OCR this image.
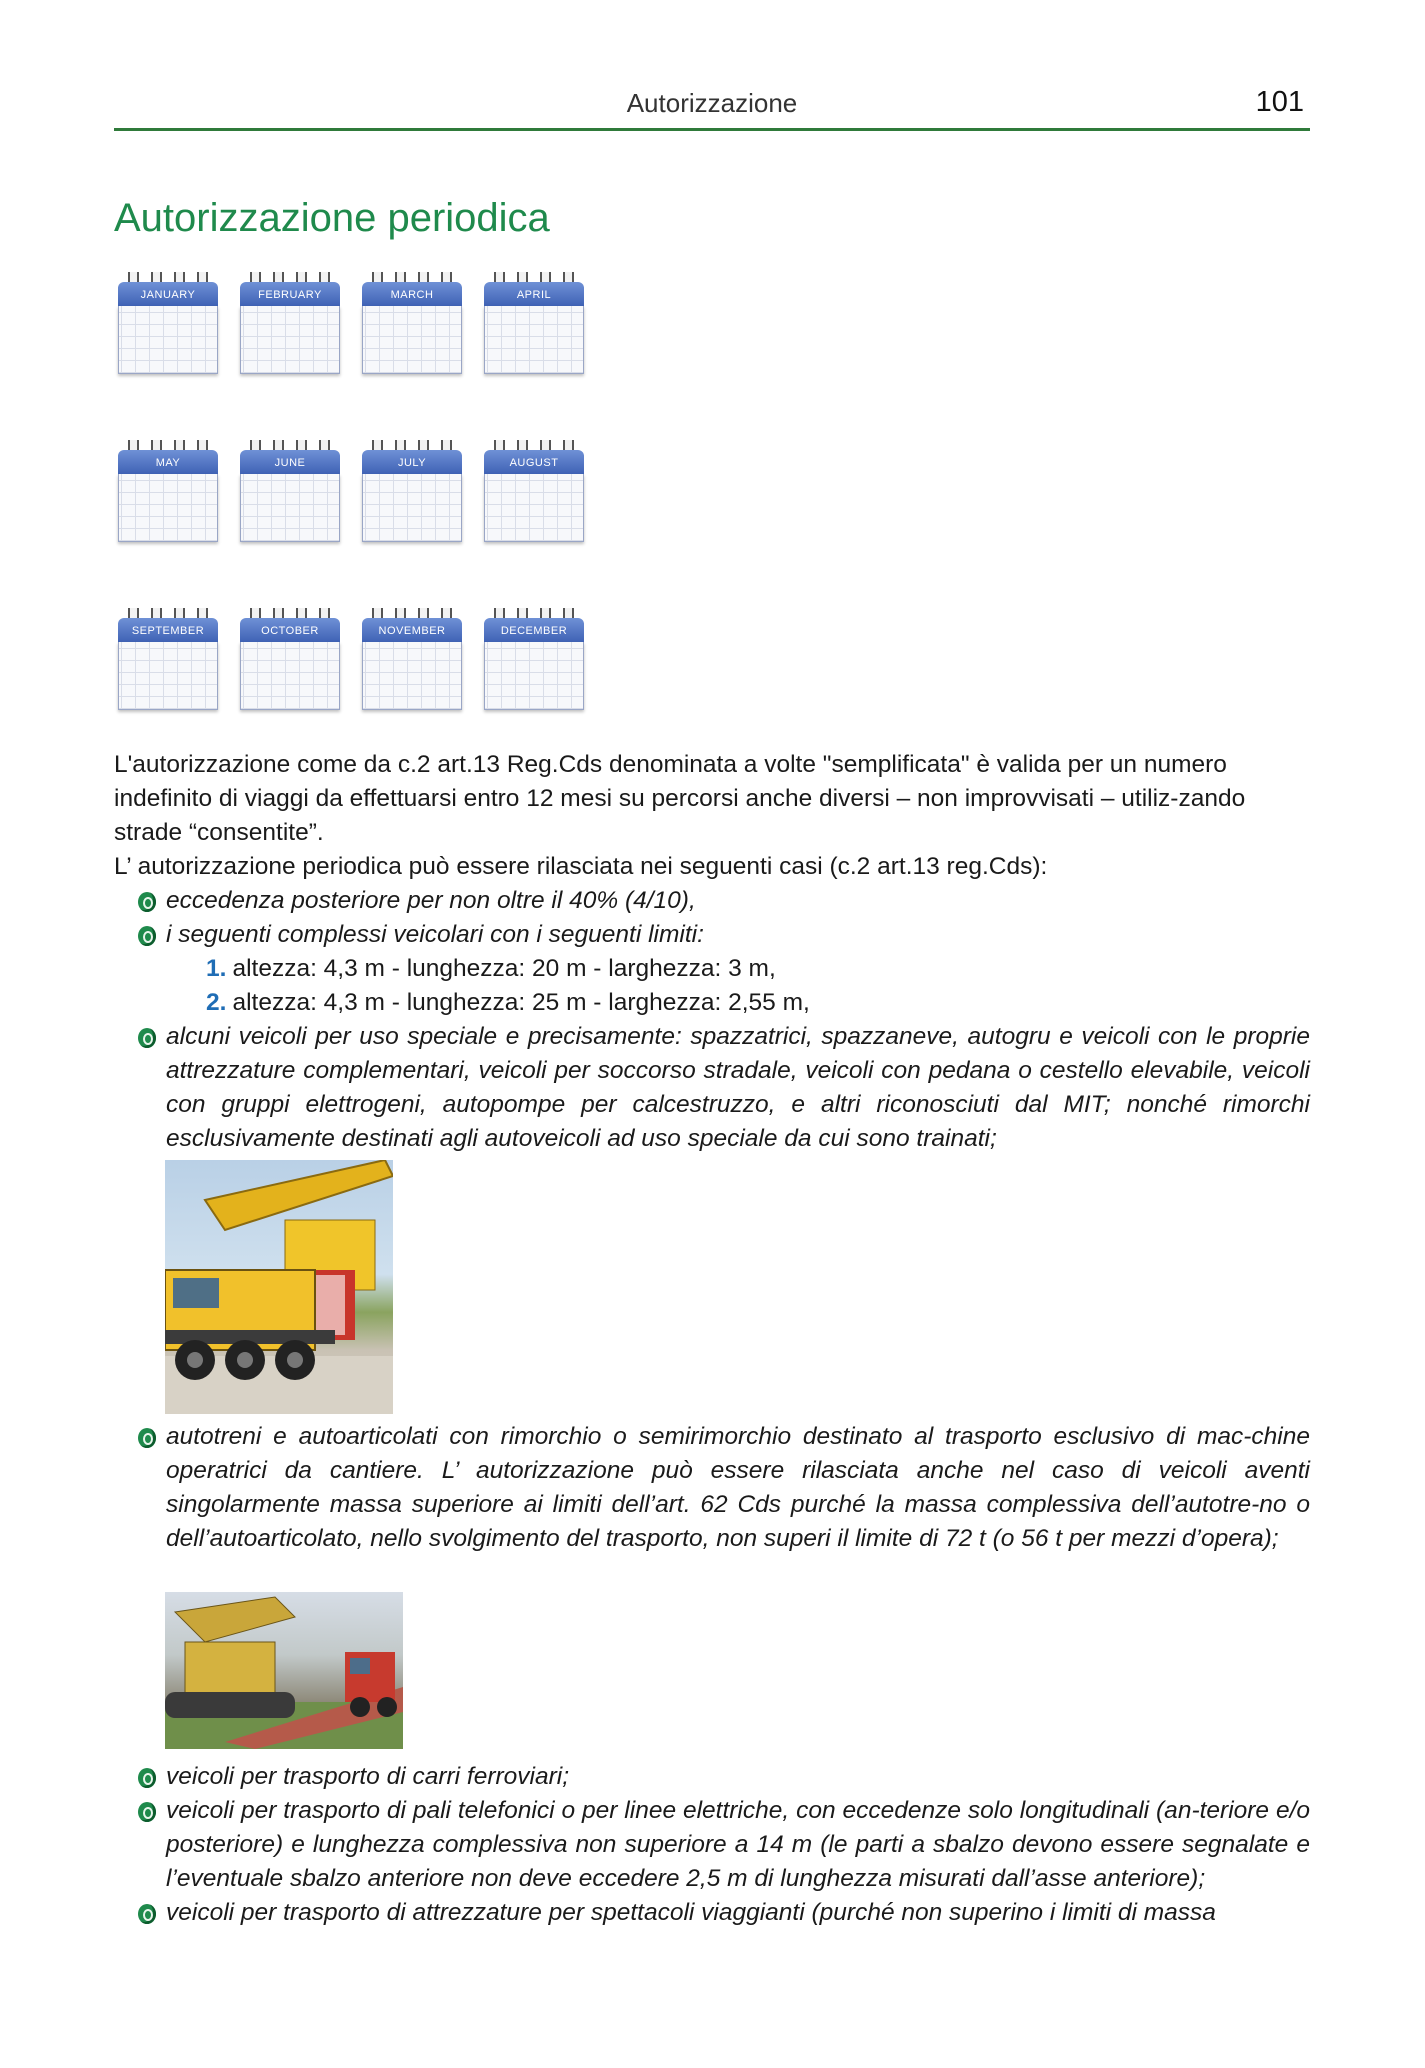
Autorizzazione	101
Autorizzazione periodica
JANUARY	FEBRUARY	MARCH	APRIL
MAY	JUNE	JULY	AUGUST
SEPTEMBER	OCTOBER	NOVEMBER	DECEMBER

L'autorizzazione come da c.2 art.13 Reg.Cds denominata a volte "semplificata" è valida per un numero indefinito di viaggi da effettuarsi entro 12 mesi su percorsi anche diversi – non improvvisati – utiliz-zando strade “consentite”.

L’ autorizzazione periodica può essere rilasciata nei seguenti casi (c.2 art.13 reg.Cds):

eccedenza posteriore per non oltre il 40% (4/10),
i seguenti complessi veicolari con i seguenti limiti:
1. altezza: 4,3 m - lunghezza: 20 m - larghezza: 3 m,
2. altezza: 4,3 m - lunghezza: 25 m - larghezza: 2,55 m,
alcuni veicoli per uso speciale e precisamente: spazzatrici, spazzaneve, autogru e veicoli con le proprie attrezzature complementari, veicoli per soccorso stradale, veicoli con pedana o cestello elevabile, veicoli con gruppi elettrogeni, autopompe per calcestruzzo, e altri riconosciuti dal MIT; nonché rimorchi esclusivamente destinati agli autoveicoli ad uso speciale da cui sono trainati;
autotreni e autoarticolati con rimorchio o semirimorchio destinato al trasporto esclusivo di mac-chine operatrici da cantiere. L’ autorizzazione può essere rilasciata anche nel caso di veicoli aventi singolarmente massa superiore ai limiti dell’art. 62 Cds purché la massa complessiva dell’autotre-no o dell’autoarticolato, nello svolgimento del trasporto, non superi il limite di 72 t (o 56 t per mezzi d’opera);
veicoli per trasporto di carri ferroviari;
veicoli per trasporto di pali telefonici o per linee elettriche, con eccedenze solo longitudinali (an-teriore e/o posteriore) e lunghezza complessiva non superiore a 14 m (le parti a sbalzo devono essere segnalate e l’eventuale sbalzo anteriore non deve eccedere 2,5 m di lunghezza misurati dall’asse anteriore);
veicoli per trasporto di attrezzature per spettacoli viaggianti (purché non superino i limiti di massa
